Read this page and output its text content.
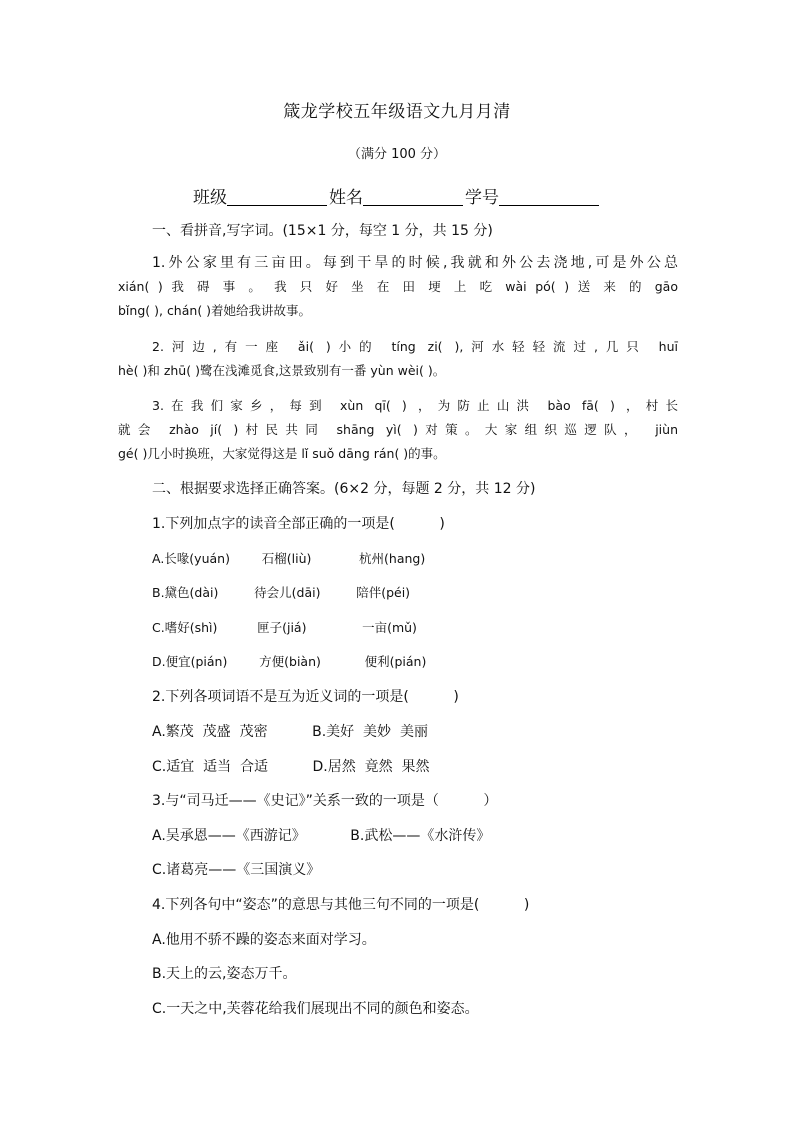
箴龙学校五年级语文九月月清
（满分 100 分）
班级	姓名	学号
一、看拼音,写字词。(15×1 分，每空 1 分，共 15 分)
1.外公家里有三亩田。每到干旱的时候,我就和外公去浇地,可是外公总
xián( ) 我 碍 事 。 我 只 好 坐 在 田 埂 上 吃 wài pó( ) 送 来 的 gāo
bǐng( ), chán( )着她给我讲故事。
2.河边,有一座 ǎi( )小的 tíng zi( ),河水轻轻流过,几只 huī
hè( )和 zhū( )鹭在浅滩觅食,这景致别有一番 yùn wèi( )。
3.在我们家乡，每到 xùn qī( ) ，为防止山洪 bào fā( ) ，村长
就会 zhào jí( )村民共同 shāng yì( )对策。大家组织巡逻队， jiùn
gé( )几小时换班，大家觉得这是 lǐ suǒ dāng rán( )的事。
二、根据要求选择正确答案。(6×2 分，每题 2 分，共 12 分)
1.下列加点字的读音全部正确的一项是(          )
A.长喙(yuán)        石榴(liù)            杭州(hang)
B.黛色(dài)         待会儿(dāi)         陪伴(péi)
C.嗜好(shì)          匣子(jiá)              一亩(mǔ)
D.便宜(pián)        方便(biàn)           便利(pián)
2.下列各项词语不是互为近义词的一项是(          )
A.繁茂  茂盛  茂密          B.美好  美妙  美丽
C.适宜  适当  合适          D.居然  竟然  果然
3.与“司马迁——《史记》”关系一致的一项是（          ）
A.吴承恩——《西游记》          B.武松——《水浒传》
C.诸葛亮——《三国演义》
4.下列各句中“姿态”的意思与其他三句不同的一项是(          )
A.他用不骄不躁的姿态来面对学习。
B.天上的云,姿态万千。
C.一天之中,芙蓉花给我们展现出不同的颜色和姿态。
